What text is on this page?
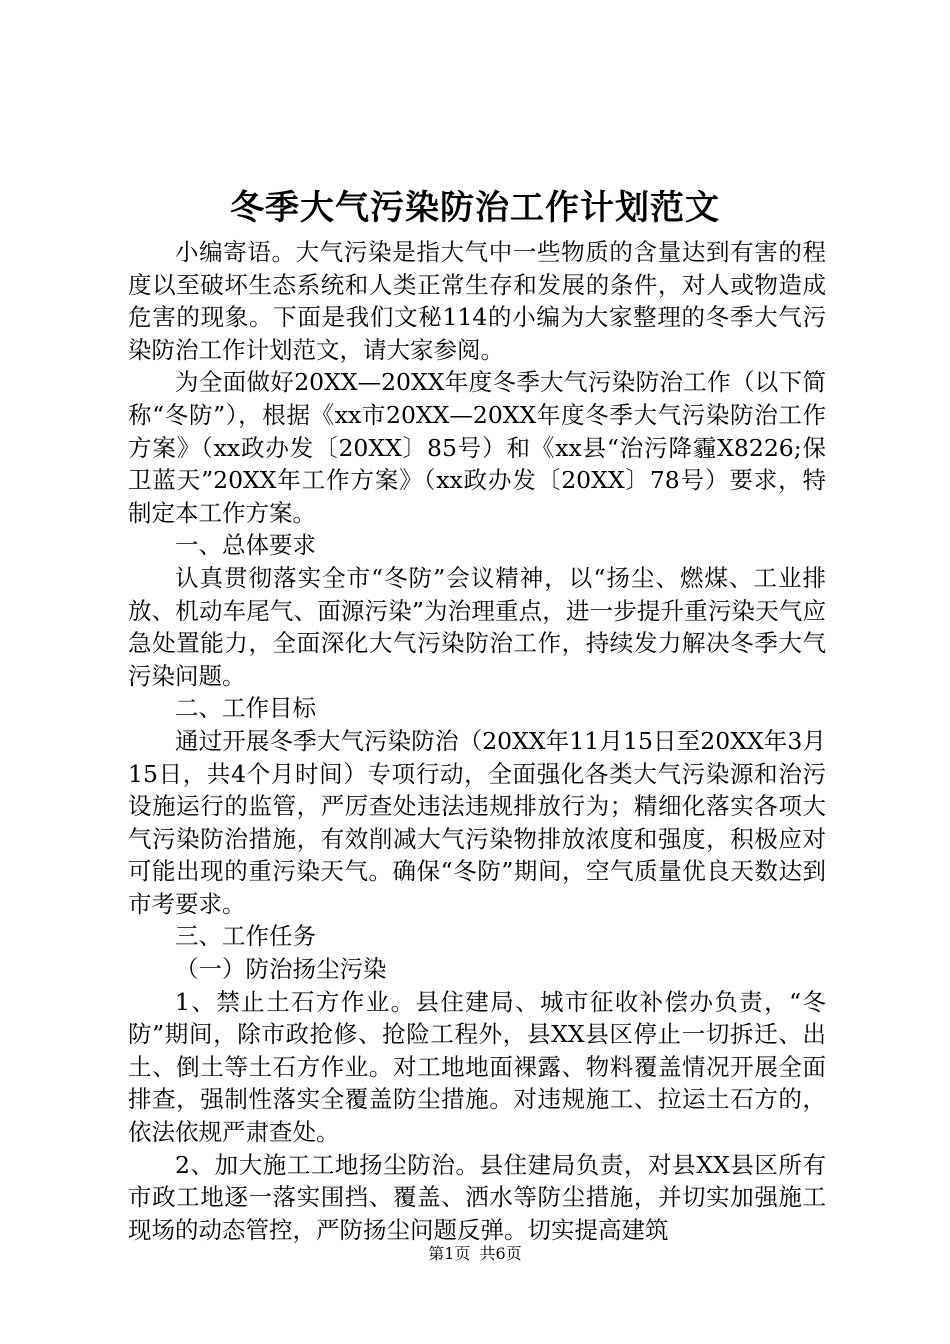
冬季大气污染防治工作计划范文

小编寄语。大气污染是指大气中一些物质的含量达到有害的程度以至破坏生态系统和人类正常生存和发展的条件，对人或物造成危害的现象。下面是我们文秘114的小编为大家整理的冬季大气污染防治工作计划范文，请大家参阅。

为全面做好20XX—20XX年度冬季大气污染防治工作（以下简称“冬防”），根据《xx市20XX—20XX年度冬季大气污染防治工作方案》（xx政办发〔20XX〕85号）和《xx县“治污降霾X8226;保卫蓝天”20XX年工作方案》（xx政办发〔20XX〕78号）要求，特制定本工作方案。

一、总体要求

认真贯彻落实全市“冬防”会议精神，以“扬尘、燃煤、工业排放、机动车尾气、面源污染”为治理重点，进一步提升重污染天气应急处置能力，全面深化大气污染防治工作，持续发力解决冬季大气污染问题。

二、工作目标

通过开展冬季大气污染防治（20XX年11月15日至20XX年3月15日，共4个月时间）专项行动，全面强化各类大气污染源和治污设施运行的监管，严厉查处违法违规排放行为；精细化落实各项大气污染防治措施，有效削减大气污染物排放浓度和强度，积极应对可能出现的重污染天气。确保“冬防”期间，空气质量优良天数达到市考要求。

三、工作任务

（一）防治扬尘污染

1、禁止土石方作业。县住建局、城市征收补偿办负责，“冬防”期间，除市政抢修、抢险工程外，县XX县区停止一切拆迁、出土、倒土等土石方作业。对工地地面裸露、物料覆盖情况开展全面排查，强制性落实全覆盖防尘措施。对违规施工、拉运土石方的，依法依规严肃查处。

2、加大施工工地扬尘防治。县住建局负责，对县XX县区所有市政工地逐一落实围挡、覆盖、洒水等防尘措施，并切实加强施工现场的动态管控，严防扬尘问题反弹。切实提高建筑

第1页 共6页
